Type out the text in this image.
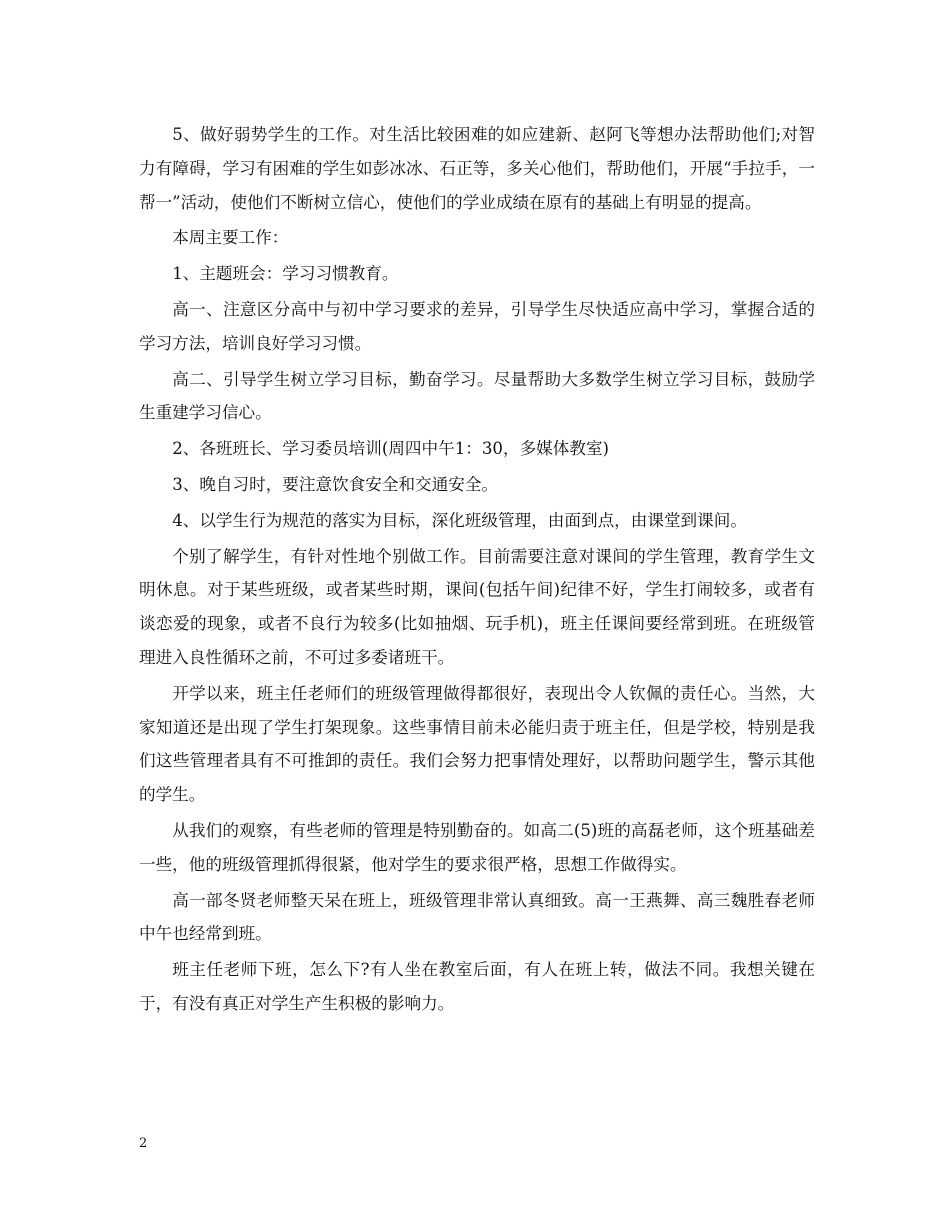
5、做好弱势学生的工作。对生活比较困难的如应建新、赵阿飞等想办法帮助他们;对智力有障碍，学习有困难的学生如彭冰冰、石正等，多关心他们，帮助他们，开展“手拉手，一帮一”活动，使他们不断树立信心，使他们的学业成绩在原有的基础上有明显的提高。

本周主要工作：

1、主题班会：学习习惯教育。

高一、注意区分高中与初中学习要求的差异，引导学生尽快适应高中学习，掌握合适的学习方法，培训良好学习习惯。

高二、引导学生树立学习目标，勤奋学习。尽量帮助大多数学生树立学习目标，鼓励学生重建学习信心。

2、各班班长、学习委员培训(周四中午1：30，多媒体教室)

3、晚自习时，要注意饮食安全和交通安全。

4、以学生行为规范的落实为目标，深化班级管理，由面到点，由课堂到课间。

个别了解学生，有针对性地个别做工作。目前需要注意对课间的学生管理，教育学生文明休息。对于某些班级，或者某些时期，课间(包括午间)纪律不好，学生打闹较多，或者有谈恋爱的现象，或者不良行为较多(比如抽烟、玩手机)，班主任课间要经常到班。在班级管理进入良性循环之前，不可过多委诸班干。

开学以来，班主任老师们的班级管理做得都很好，表现出令人钦佩的责任心。当然，大家知道还是出现了学生打架现象。这些事情目前未必能归责于班主任，但是学校，特别是我们这些管理者具有不可推卸的责任。我们会努力把事情处理好，以帮助问题学生，警示其他的学生。

从我们的观察，有些老师的管理是特别勤奋的。如高二(5)班的高磊老师，这个班基础差一些，他的班级管理抓得很紧，他对学生的要求很严格，思想工作做得实。

高一部冬贤老师整天呆在班上，班级管理非常认真细致。高一王燕舞、高三魏胜春老师中午也经常到班。

班主任老师下班，怎么下?有人坐在教室后面，有人在班上转，做法不同。我想关键在于，有没有真正对学生产生积极的影响力。

2
